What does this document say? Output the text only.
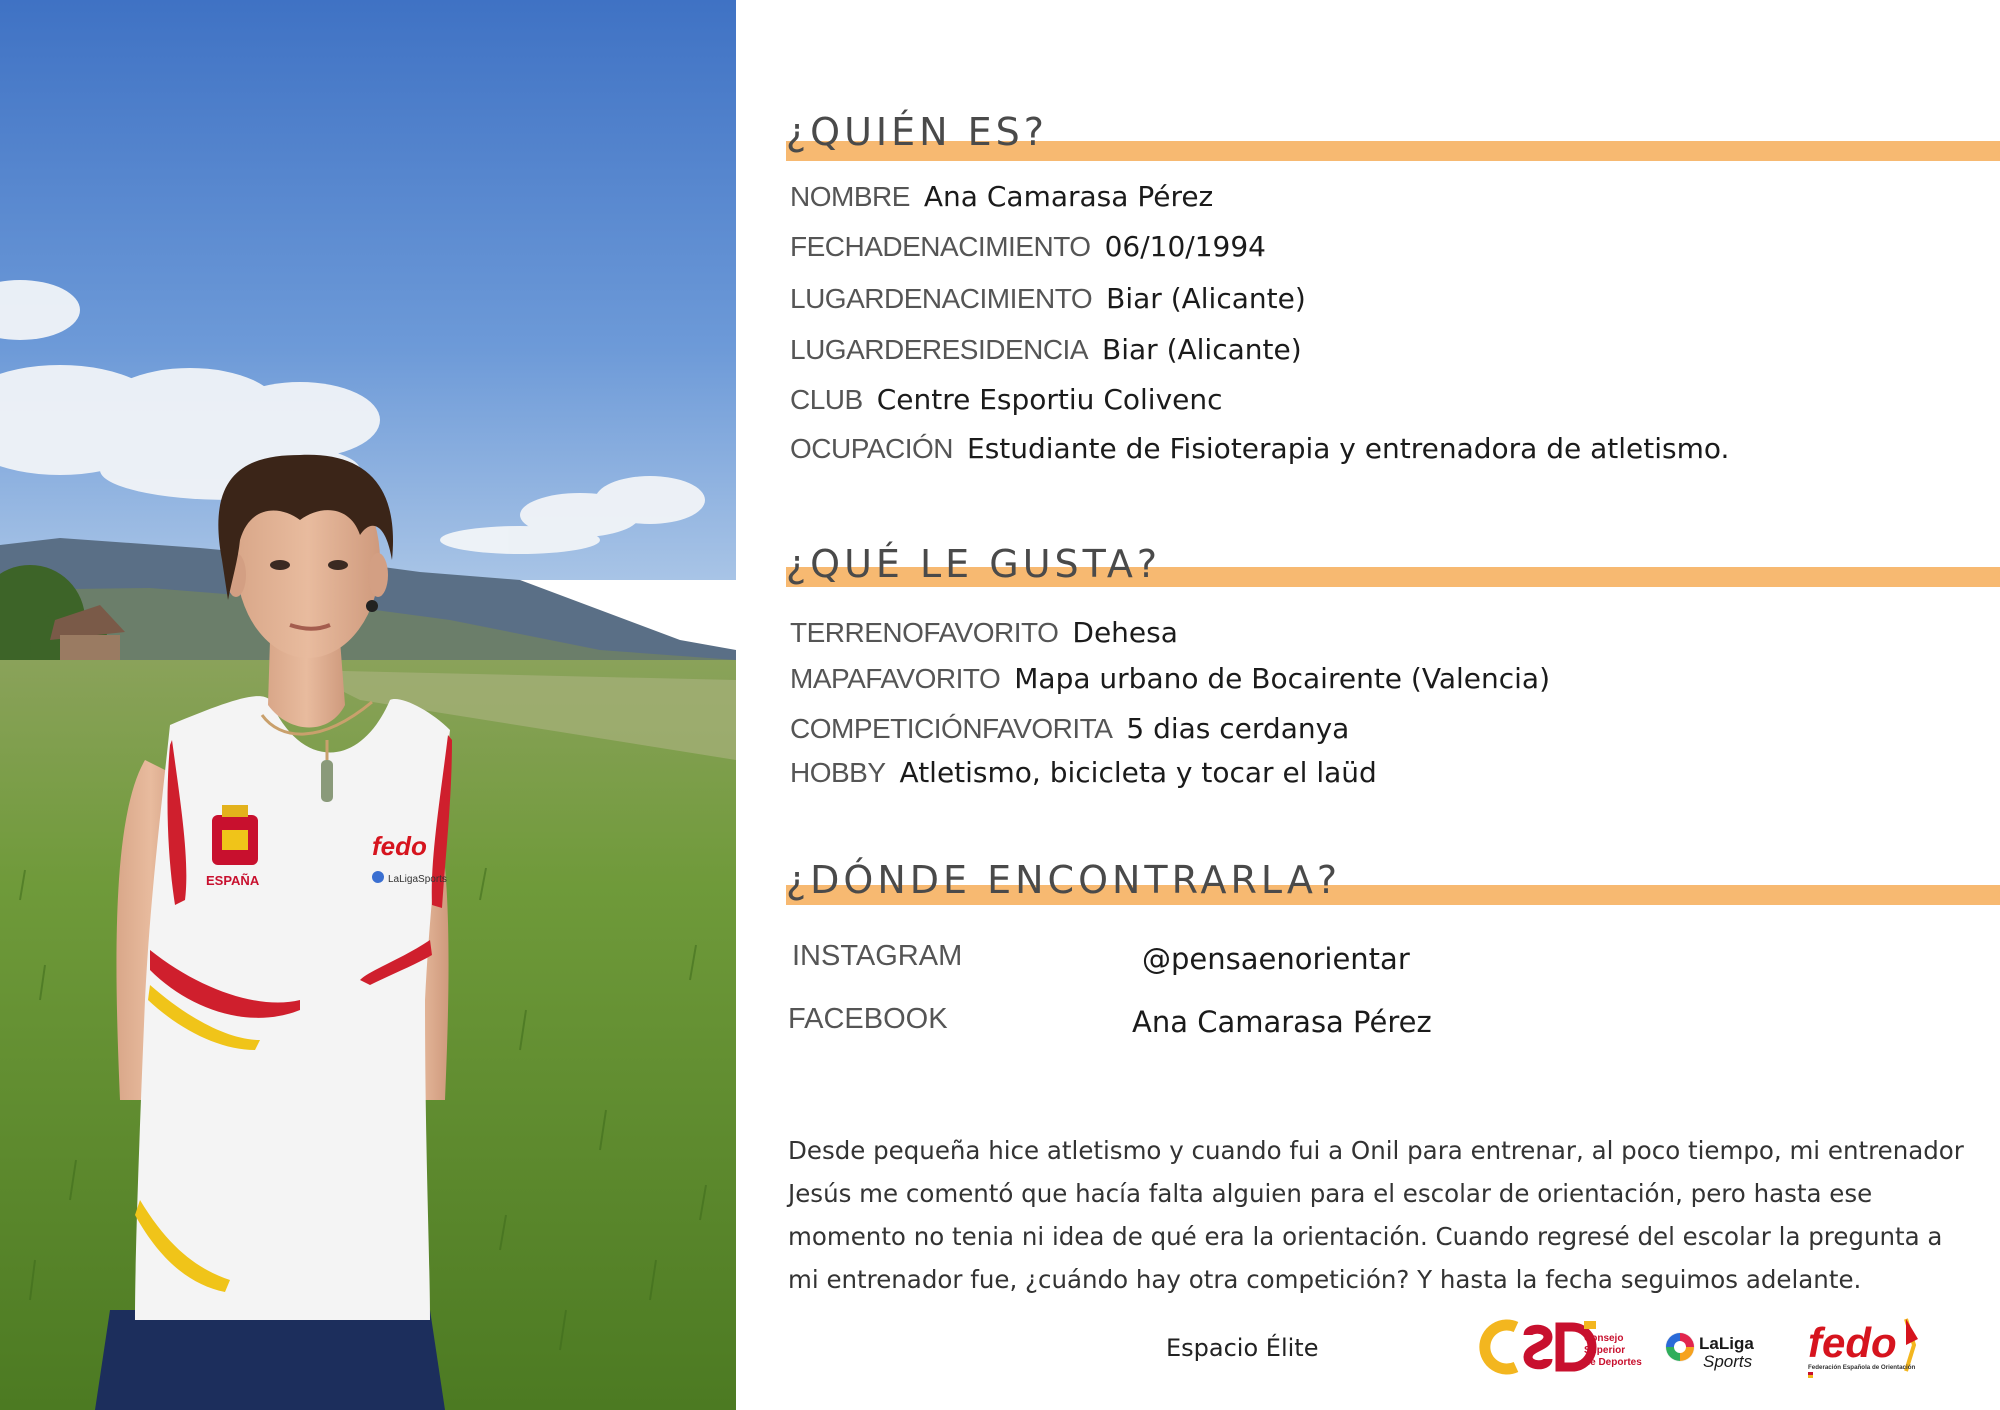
ESPAÑA
fedo
LaLigaSports
¿QUIÉN ES?
NOMBRE Ana Camarasa Pérez
FECHADENACIMIENTO 06/10/1994
LUGARDENACIMIENTO Biar (Alicante)
LUGARDERESIDENCIA Biar (Alicante)
CLUB Centre Esportiu Colivenc
OCUPACIÓN Estudiante de Fisioterapia y entrenadora de atletismo.
¿QUÉ LE GUSTA?
TERRENOFAVORITO Dehesa
MAPAFAVORITO Mapa urbano de Bocairente (Valencia)
COMPETICIÓNFAVORITA 5 dias cerdanya
HOBBY Atletismo, bicicleta y tocar el laüd
¿DÓNDE ENCONTRARLA?
INSTAGRAM	@pensaenorientar
FACEBOOK	Ana Camarasa Pérez

Desde pequeña hice atletismo y cuando fui a Onil para entrenar, al poco tiempo, mi entrenador Jesús me comentó que hacía falta alguien para el escolar de orientación, pero hasta ese momento no tenia ni idea de qué era la orientación. Cuando regresé del escolar la pregunta a mi entrenador fue, ¿cuándo hay otra competición? Y hasta la fecha seguimos adelante.

Espacio Élite	Consejo
Superior
de Deportes
LaLiga
Sports fedo
Federación Española de Orientación
